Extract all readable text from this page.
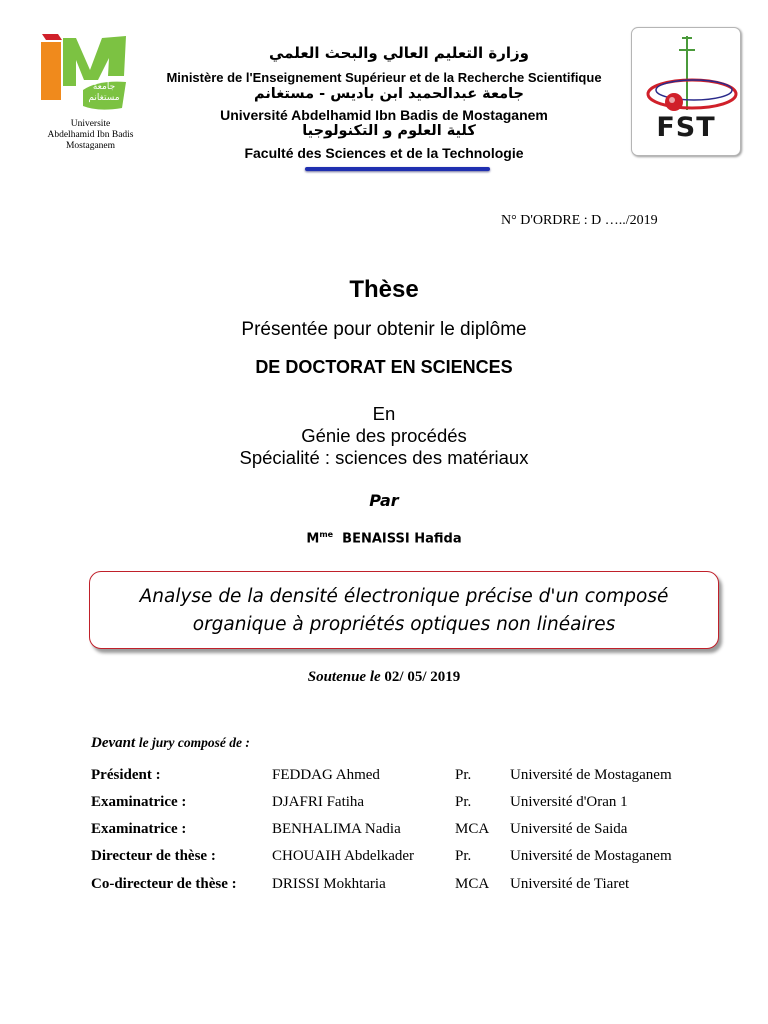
جامعة مستغانم
Universite
Abdelhamid Ibn Badis
Mostaganem
FST
وزارة التعليم العالي والبحث العلمي
Ministère de l'Enseignement Supérieur et de la Recherche Scientifique
جامعة عبدالحميد ابن باديس - مستغانم
Université Abdelhamid Ibn Badis de Mostaganem
كلية العلوم و التكنولوجيا
Faculté des Sciences et de la Technologie
N° D'ORDRE : D …../2019
Thèse
Présentée pour obtenir le diplôme
DE DOCTORAT EN SCIENCES
En
Génie des procédés
Spécialité : sciences des matériaux
Par
$M^{me}$ BENAISSI Hafida
Analyse de la densité électronique précise d'un composé
organique à propriétés optiques non linéaires
Soutenue le 02/ 05/ 2019
Devant le jury composé de :
Président :	FEDDAG Ahmed	Pr.	Université de Mostaganem
Examinatrice :	DJAFRI Fatiha	Pr.	Université d'Oran 1
Examinatrice :	BENHALIMA Nadia	MCA Université de Saida
Directeur de thèse :	CHOUAIH Abdelkader	Pr.	Université de Mostaganem
Co-directeur de thèse : DRISSI Mokhtaria	MCA Université de Tiaret
